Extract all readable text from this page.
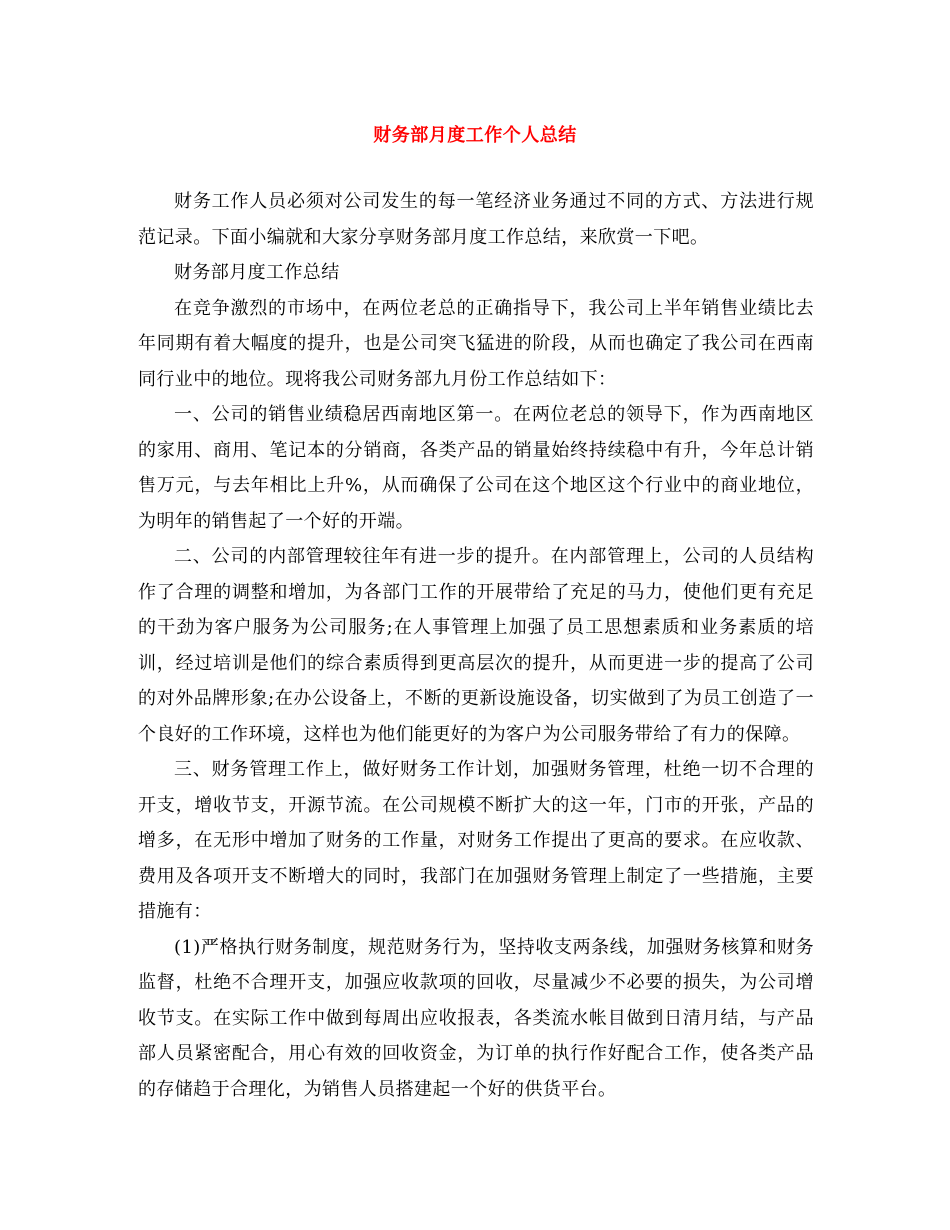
财务部月度工作个人总结

财务工作人员必须对公司发生的每一笔经济业务通过不同的方式、方法进行规范记录。下面小编就和大家分享财务部月度工作总结，来欣赏一下吧。

财务部月度工作总结

在竞争激烈的市场中，在两位老总的正确指导下，我公司上半年销售业绩比去年同期有着大幅度的提升，也是公司突飞猛进的阶段，从而也确定了我公司在西南同行业中的地位。现将我公司财务部九月份工作总结如下：

一、公司的销售业绩稳居西南地区第一。在两位老总的领导下，作为西南地区的家用、商用、笔记本的分销商，各类产品的销量始终持续稳中有升，今年总计销售万元，与去年相比上升%，从而确保了公司在这个地区这个行业中的商业地位，为明年的销售起了一个好的开端。

二、公司的内部管理较往年有进一步的提升。在内部管理上，公司的人员结构作了合理的调整和增加，为各部门工作的开展带给了充足的马力，使他们更有充足的干劲为客户服务为公司服务;在人事管理上加强了员工思想素质和业务素质的培训，经过培训是他们的综合素质得到更高层次的提升，从而更进一步的提高了公司的对外品牌形象;在办公设备上，不断的更新设施设备，切实做到了为员工创造了一个良好的工作环境，这样也为他们能更好的为客户为公司服务带给了有力的保障。

三、财务管理工作上，做好财务工作计划，加强财务管理，杜绝一切不合理的开支，增收节支，开源节流。在公司规模不断扩大的这一年，门市的开张，产品的增多，在无形中增加了财务的工作量，对财务工作提出了更高的要求。在应收款、费用及各项开支不断增大的同时，我部门在加强财务管理上制定了一些措施，主要措施有：

(1)严格执行财务制度，规范财务行为，坚持收支两条线，加强财务核算和财务监督，杜绝不合理开支，加强应收款项的回收，尽量减少不必要的损失，为公司增收节支。在实际工作中做到每周出应收报表，各类流水帐目做到日清月结，与产品部人员紧密配合，用心有效的回收资金，为订单的执行作好配合工作，使各类产品的存储趋于合理化，为销售人员搭建起一个好的供货平台。
